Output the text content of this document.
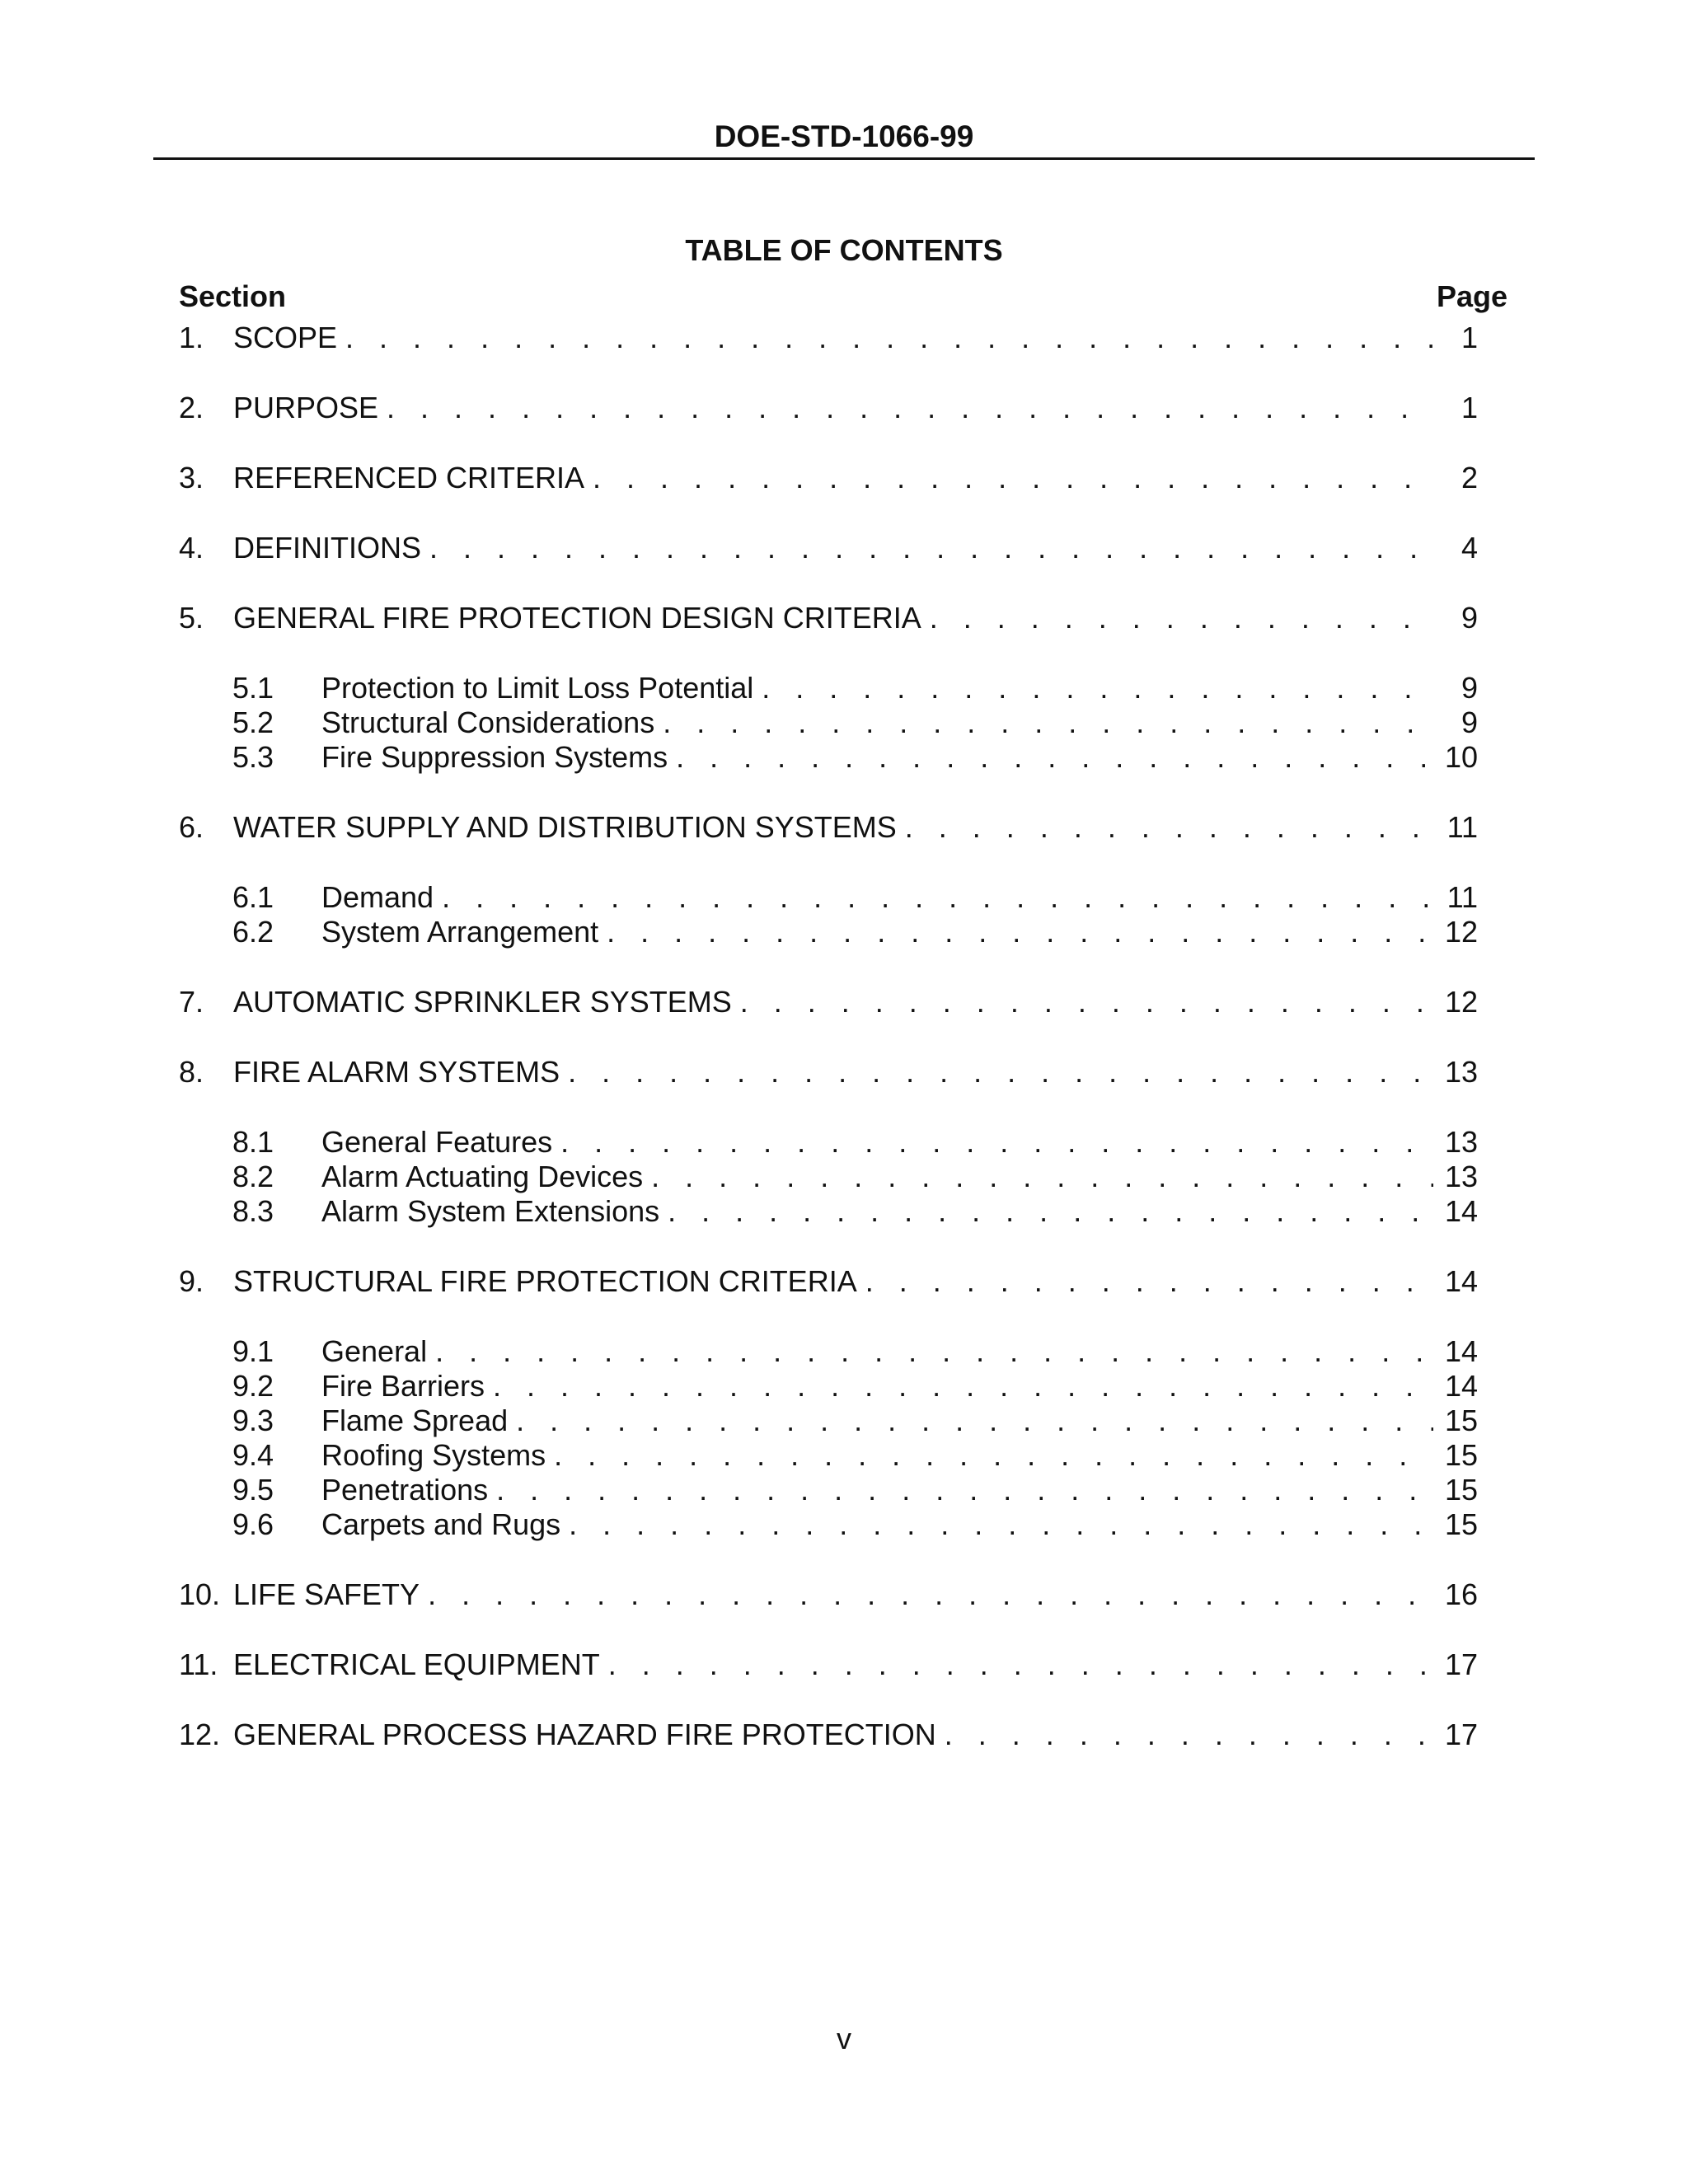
DOE-STD-1066-99
TABLE OF CONTENTS
Section	Page
1. SCOPE . . .	1
2. PURPOSE . . .	1
3. REFERENCED CRITERIA . . .	2
4. DEFINITIONS . . .	4
5. GENERAL FIRE PROTECTION DESIGN CRITERIA . . .	9
5.1	Protection to Limit Loss Potential . . .	9
5.2	Structural Considerations . . .	9
5.3	Fire Suppression Systems . . .	10
6. WATER SUPPLY AND DISTRIBUTION SYSTEMS . . .	11
6.1	Demand . . .	11
6.2	System Arrangement . . .	12
7. AUTOMATIC SPRINKLER SYSTEMS . . .	12
8. FIRE ALARM SYSTEMS . . .	13
8.1	General Features . . .	13
8.2	Alarm Actuating Devices . . .	13
8.3	Alarm System Extensions . . .	14
9. STRUCTURAL FIRE PROTECTION CRITERIA . . .	14
9.1	General . . .	14
9.2	Fire Barriers . . .	14
9.3	Flame Spread . . .	15
9.4	Roofing Systems . . .	15
9.5	Penetrations . . .	15
9.6	Carpets and Rugs . . .	15
10. LIFE SAFETY . . .	16
11. ELECTRICAL EQUIPMENT . . .	17
12. GENERAL PROCESS HAZARD FIRE PROTECTION . . .	17
v
